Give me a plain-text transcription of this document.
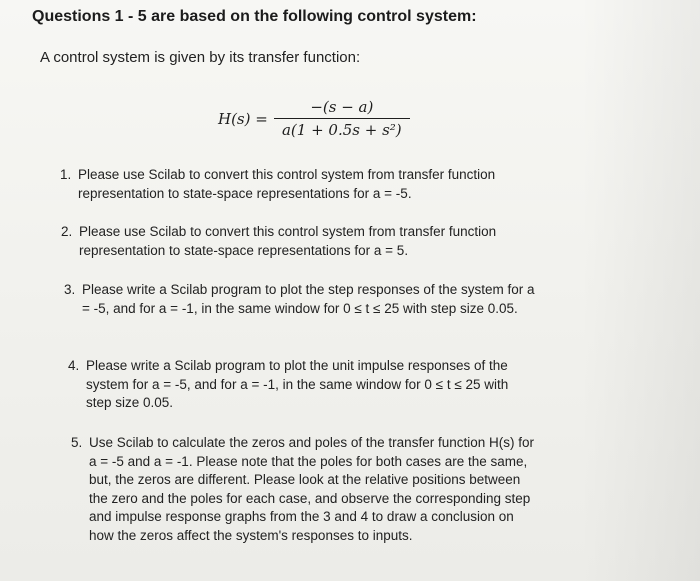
Questions 1 - 5 are based on the following control system:

A control system is given by its transfer function:

$H(s) = \frac{-(s - a)}{\text{a(1 + 0.5s + s²)}}$
1. Please use Scilab to convert this control system from transfer function representation to state-space representations for a = -5.
2. Please use Scilab to convert this control system from transfer function representation to state-space representations for a = 5.
3. Please write a Scilab program to plot the step responses of the system for a = -5, and for a = -1, in the same window for 0 ≤ t ≤ 25 with step size 0.05.
4. Please write a Scilab program to plot the unit impulse responses of the system for a = -5, and for a = -1, in the same window for 0 ≤ t ≤ 25 with step size 0.05.
5. Use Scilab to calculate the zeros and poles of the transfer function H(s) for a = -5 and a = -1. Please note that the poles for both cases are the same, but, the zeros are different. Please look at the relative positions between the zero and the poles for each case, and observe the corresponding step and impulse response graphs from the 3 and 4 to draw a conclusion on how the zeros affect the system's responses to inputs.
